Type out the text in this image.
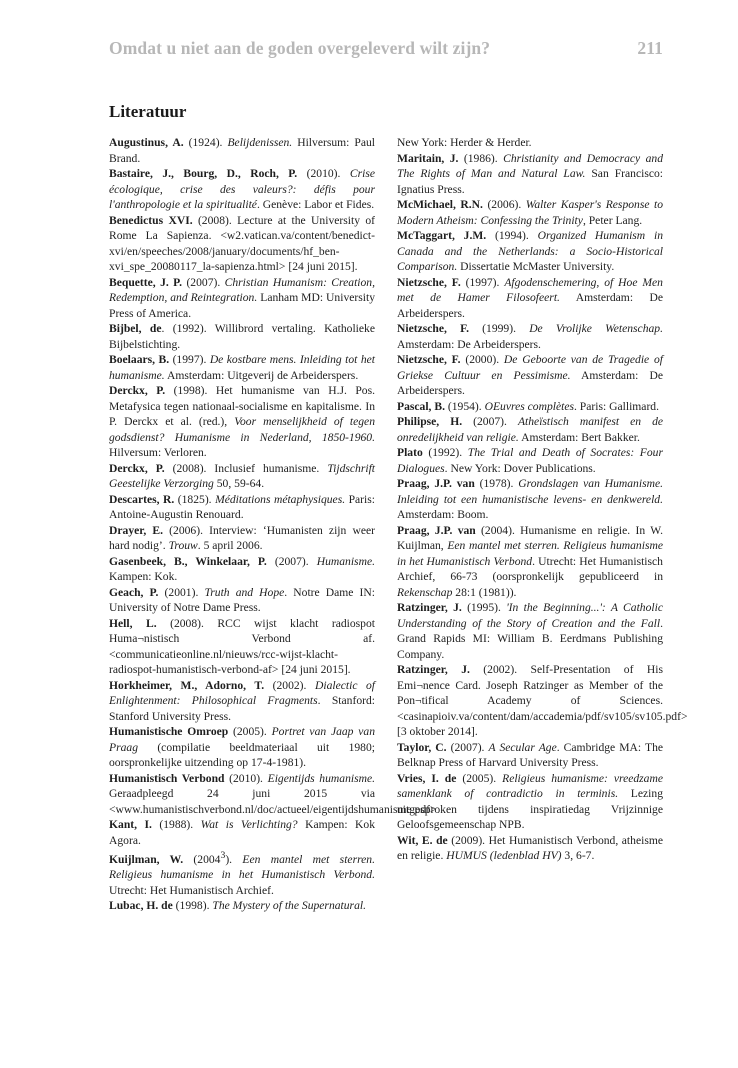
Omdat u niet aan de goden overgeleverd wilt zijn?	211
Literatuur

Augustinus, A. (1924). Belijdenissen. Hilversum: Paul Brand.

Bastaire, J., Bourg, D., Roch, P. (2010). Crise écologique, crise des valeurs?: défis pour l'anthropologie et la spiritualité. Genève: Labor et Fides.

Benedictus XVI. (2008). Lecture at the University of Rome La Sapienza. <w2.vatican.va/content/benedict-xvi/en/speeches/2008/january/documents/hf_ben-xvi_spe_20080117_la-sapienza.html> [24 juni 2015].

Bequette, J. P. (2007). Christian Humanism: Creation, Redemption, and Reintegration. Lanham MD: University Press of America.

Bijbel, de. (1992). Willibrord vertaling. Katholieke Bijbelstichting.

Boelaars, B. (1997). De kostbare mens. Inleiding tot het humanisme. Amsterdam: Uitgeverij de Arbeiderspers.

Derckx, P. (1998). Het humanisme van H.J. Pos. Metafysica tegen nationaal-socialisme en kapitalisme. In P. Derckx et al. (red.), Voor menselijkheid of tegen godsdienst? Humanisme in Nederland, 1850-1960. Hilversum: Verloren.

Derckx, P. (2008). Inclusief humanisme. Tijdschrift Geestelijke Verzorging 50, 59-64.

Descartes, R. (1825). Méditations métaphysiques. Paris: Antoine-Augustin Renouard.

Drayer, E. (2006). Interview: ‘Humanisten zijn weer hard nodig’. Trouw. 5 april 2006.

Gasenbeek, B., Winkelaar, P. (2007). Humanisme. Kampen: Kok.

Geach, P. (2001). Truth and Hope. Notre Dame IN: University of Notre Dame Press.

Hell, L. (2008). RCC wijst klacht radiospot Huma¬nistisch Verbond af. <communicatieonline.nl/nieuws/rcc-wijst-klacht-radiospot-humanistisch-verbond-af> [24 juni 2015].

Horkheimer, M., Adorno, T. (2002). Dialectic of Enlightenment: Philosophical Fragments. Stanford: Stanford University Press.

Humanistische Omroep (2005). Portret van Jaap van Praag (compilatie beeldmateriaal uit 1980; oorspronkelijke uitzending op 17-4-1981).

Humanistisch Verbond (2010). Eigentijds humanisme. Geraadpleegd 24 juni 2015 via <www.humanistischverbond.nl/doc/actueel/eigentijdshumanisme.pdf>

Kant, I. (1988). Wat is Verlichting? Kampen: Kok Agora.

Kuijlman, W. (2004$^3$). Een mantel met sterren. Religieus humanisme in het Humanistisch Verbond. Utrecht: Het Humanistisch Archief.

Lubac, H. de (1998). The Mystery of the Supernatural.

New York: Herder & Herder.

Maritain, J. (1986). Christianity and Democracy and The Rights of Man and Natural Law. San Francisco: Ignatius Press.

McMichael, R.N. (2006). Walter Kasper's Response to Modern Atheism: Confessing the Trinity, Peter Lang.

McTaggart, J.M. (1994). Organized Humanism in Canada and the Netherlands: a Socio-Historical Comparison. Dissertatie McMaster University.

Nietzsche, F. (1997). Afgodenschemering, of Hoe Men met de Hamer Filosofeert. Amsterdam: De Arbeiderspers.

Nietzsche, F. (1999). De Vrolijke Wetenschap. Amsterdam: De Arbeiderspers.

Nietzsche, F. (2000). De Geboorte van de Tragedie of Griekse Cultuur en Pessimisme. Amsterdam: De Arbeiderspers.

Pascal, B. (1954). OEuvres complètes. Paris: Gallimard.

Philipse, H. (2007). Atheïstisch manifest en de onredelijkheid van religie. Amsterdam: Bert Bakker.

Plato (1992). The Trial and Death of Socrates: Four Dialogues. New York: Dover Publications.

Praag, J.P. van (1978). Grondslagen van Humanisme. Inleiding tot een humanistische levens- en denkwereld. Amsterdam: Boom.

Praag, J.P. van (2004). Humanisme en religie. In W. Kuijlman, Een mantel met sterren. Religieus humanisme in het Humanistisch Verbond. Utrecht: Het Humanistisch Archief, 66-73 (oorspronkelijk gepubliceerd in Rekenschap 28:1 (1981)).

Ratzinger, J. (1995). 'In the Beginning...': A Catholic Understanding of the Story of Creation and the Fall. Grand Rapids MI: William B. Eerdmans Publishing Company.

Ratzinger, J. (2002). Self-Presentation of His Emi¬nence Card. Joseph Ratzinger as Member of the Pon¬tifical Academy of Sciences. <casinapioiv.va/content/dam/accademia/pdf/sv105/sv105.pdf> [3 oktober 2014].

Taylor, C. (2007). A Secular Age. Cambridge MA: The Belknap Press of Harvard University Press.

Vries, I. de (2005). Religieus humanisme: vreedzame samenklank of contradictio in terminis. Lezing uitgesproken tijdens inspiratiedag Vrijzinnige Geloofsgemeenschap NPB.

Wit, E. de (2009). Het Humanistisch Verbond, atheisme en religie. HUMUS (ledenblad HV) 3, 6-7.
